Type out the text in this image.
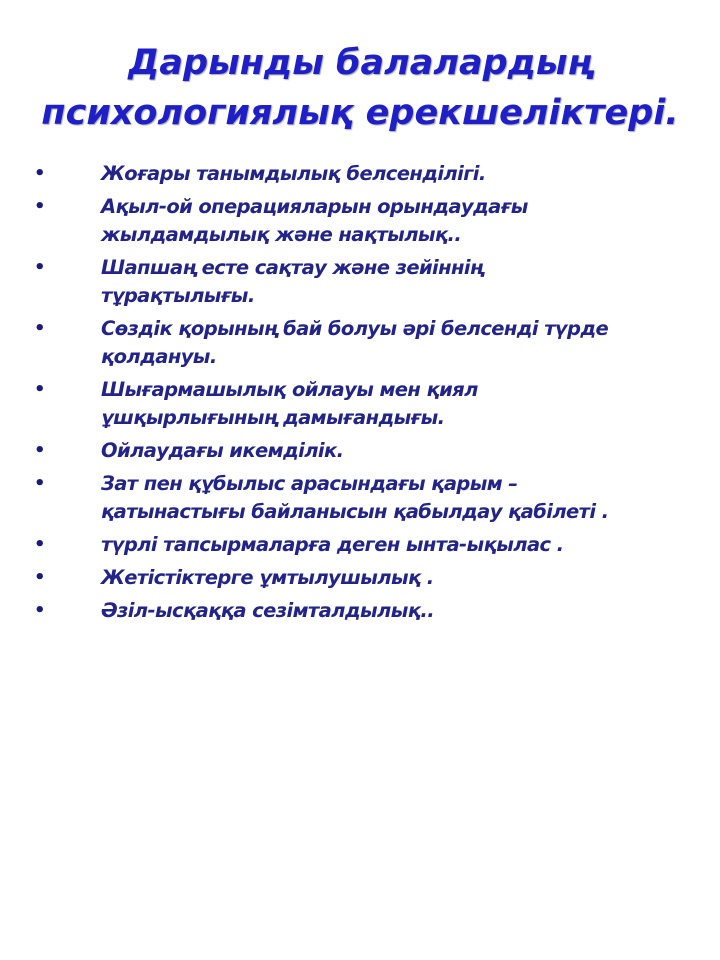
Дарынды балалардың
психологиялық ерекшеліктері.
•	Жоғары танымдылық белсенділігі.
•	Ақыл-ой операцияларын орындаудағы
жылдамдылық және нақтылық..
•	Шапшаң есте сақтау және зейіннің
тұрақтылығы.
•	Сөздік қорының бай болуы әрі белсенді түрде
қолдануы.
•	Шығармашылық ойлауы мен қиял
ұшқырлығының дамығандығы.
•	Ойлаудағы икемділік.
•	Зат пен құбылыс арасындағы қарым –
қатынастығы байланысын қабылдау қабілеті .
•	түрлі тапсырмаларға деген ынта-ықылас .
•	Жетістіктерге ұмтылушылық .
•	Әзіл-ысқаққа сезімталдылық..
